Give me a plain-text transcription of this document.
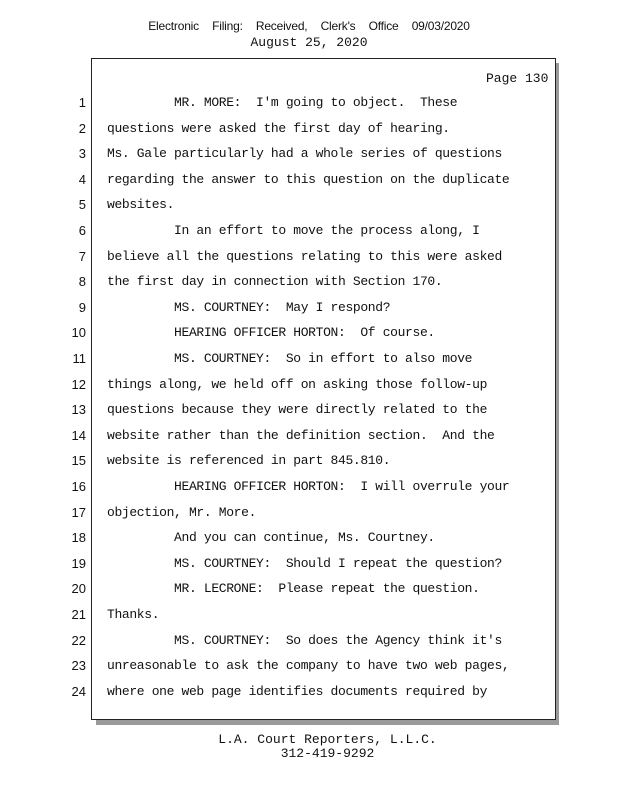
Electronic Filing: Received, Clerk's Office 09/03/2020
August 25, 2020
Page 130
1 MR. MORE:  I'm going to object.  These
2 questions were asked the first day of hearing.
3 Ms. Gale particularly had a whole series of questions
4 regarding the answer to this question on the duplicate
5 websites.
6 In an effort to move the process along, I
7 believe all the questions relating to this were asked
8 the first day in connection with Section 170.
9 MS. COURTNEY:  May I respond?
10 HEARING OFFICER HORTON:  Of course.
11 MS. COURTNEY:  So in effort to also move
12 things along, we held off on asking those follow-up
13 questions because they were directly related to the
14 website rather than the definition section.  And the
15 website is referenced in part 845.810.
16 HEARING OFFICER HORTON:  I will overrule your
17 objection, Mr. More.
18 And you can continue, Ms. Courtney.
19 MS. COURTNEY:  Should I repeat the question?
20 MR. LECRONE:  Please repeat the question.
21 Thanks.
22 MS. COURTNEY:  So does the Agency think it's
23 unreasonable to ask the company to have two web pages,
24 where one web page identifies documents required by
L.A. Court Reporters, L.L.C.
312-419-9292
